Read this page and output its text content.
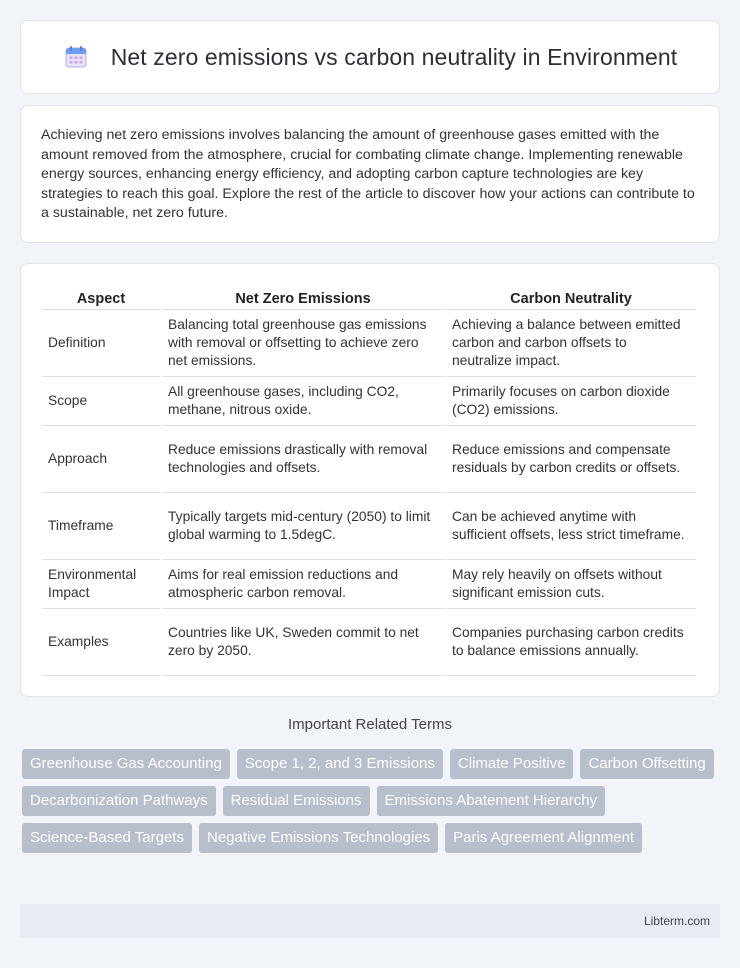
Net zero emissions vs carbon neutrality in Environment

Achieving net zero emissions involves balancing the amount of greenhouse gases emitted with the amount removed from the atmosphere, crucial for combating climate change. Implementing renewable energy sources, enhancing energy efficiency, and adopting carbon capture technologies are key strategies to reach this goal. Explore the rest of the article to discover how your actions can contribute to a sustainable, net zero future.

Aspect	Net Zero Emissions	Carbon Neutrality
Definition	Balancing total greenhouse gas emissions with removal or offsetting to achieve zero net emissions.	Achieving a balance between emitted carbon and carbon offsets to neutralize impact.
Scope	All greenhouse gases, including CO2, methane, nitrous oxide.	Primarily focuses on carbon dioxide (CO2) emissions.
Approach	Reduce emissions drastically with removal technologies and offsets.	Reduce emissions and compensate residuals by carbon credits or offsets.
Timeframe	Typically targets mid-century (2050) to limit global warming to 1.5degC.	Can be achieved anytime with sufficient offsets, less strict timeframe.
Environmental Impact	Aims for real emission reductions and atmospheric carbon removal.	May rely heavily on offsets without significant emission cuts.
Examples	Countries like UK, Sweden commit to net zero by 2050.	Companies purchasing carbon credits to balance emissions annually.
Important Related Terms
Greenhouse Gas Accounting	Scope 1, 2, and 3 Emissions	Climate Positive	Carbon Offsetting
Decarbonization Pathways	Residual Emissions	Emissions Abatement Hierarchy
Science-Based Targets	Negative Emissions Technologies	Paris Agreement Alignment
Libterm.com
